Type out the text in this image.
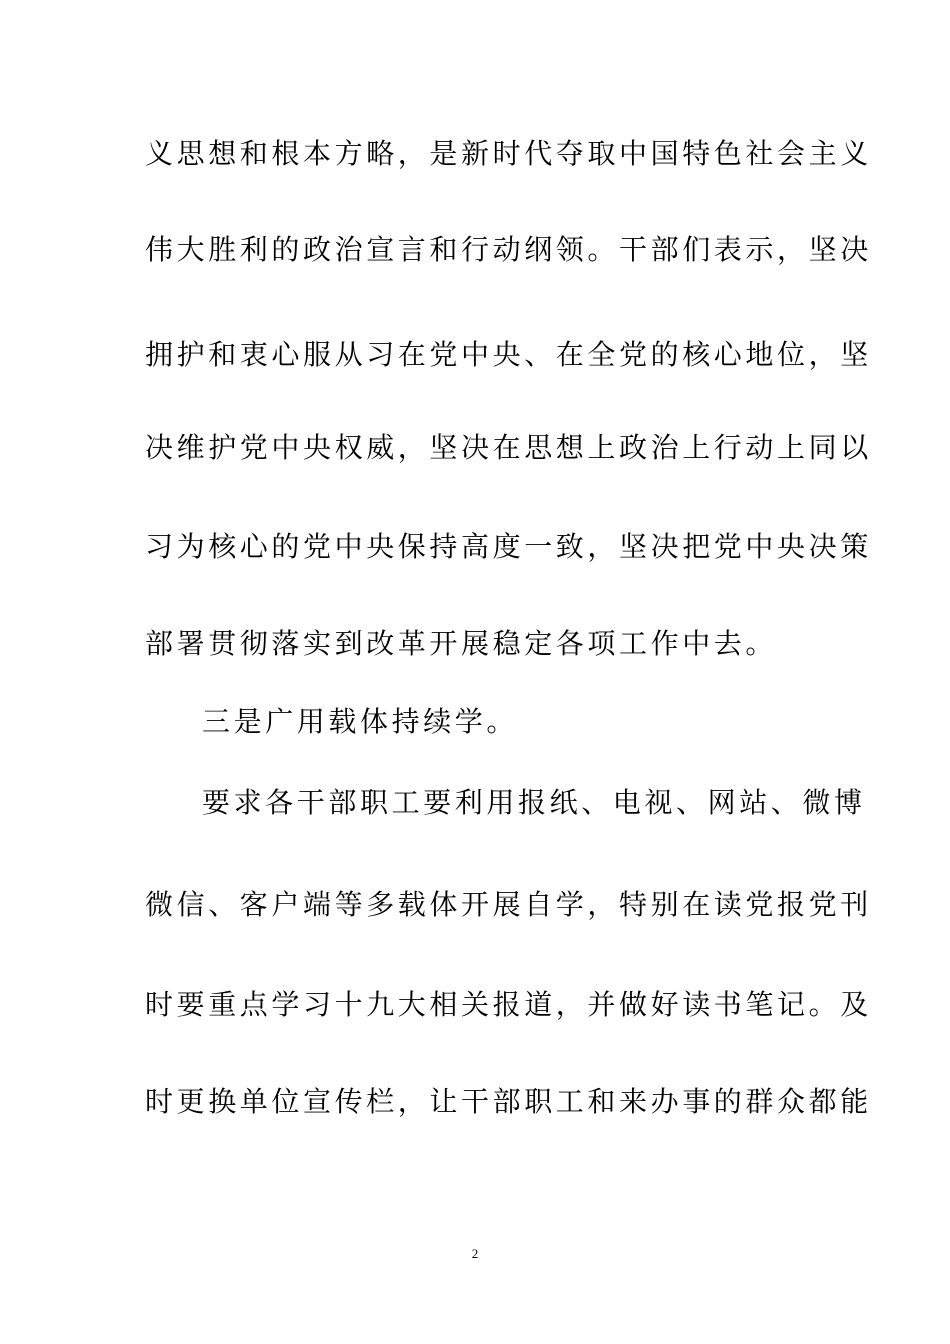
义思想和根本方略，是新时代夺取中国特色社会主义
伟大胜利的政治宣言和行动纲领。干部们表示，坚决
拥护和衷心服从习在党中央、在全党的核心地位，坚
决维护党中央权威，坚决在思想上政治上行动上同以
习为核心的党中央保持高度一致，坚决把党中央决策
部署贯彻落实到改革开展稳定各项工作中去。
三是广用载体持续学。
要求各干部职工要利用报纸、电视、网站、微博
微信、客户端等多载体开展自学，特别在读党报党刊
时要重点学习十九大相关报道，并做好读书笔记。及
时更换单位宣传栏，让干部职工和来办事的群众都能
2
